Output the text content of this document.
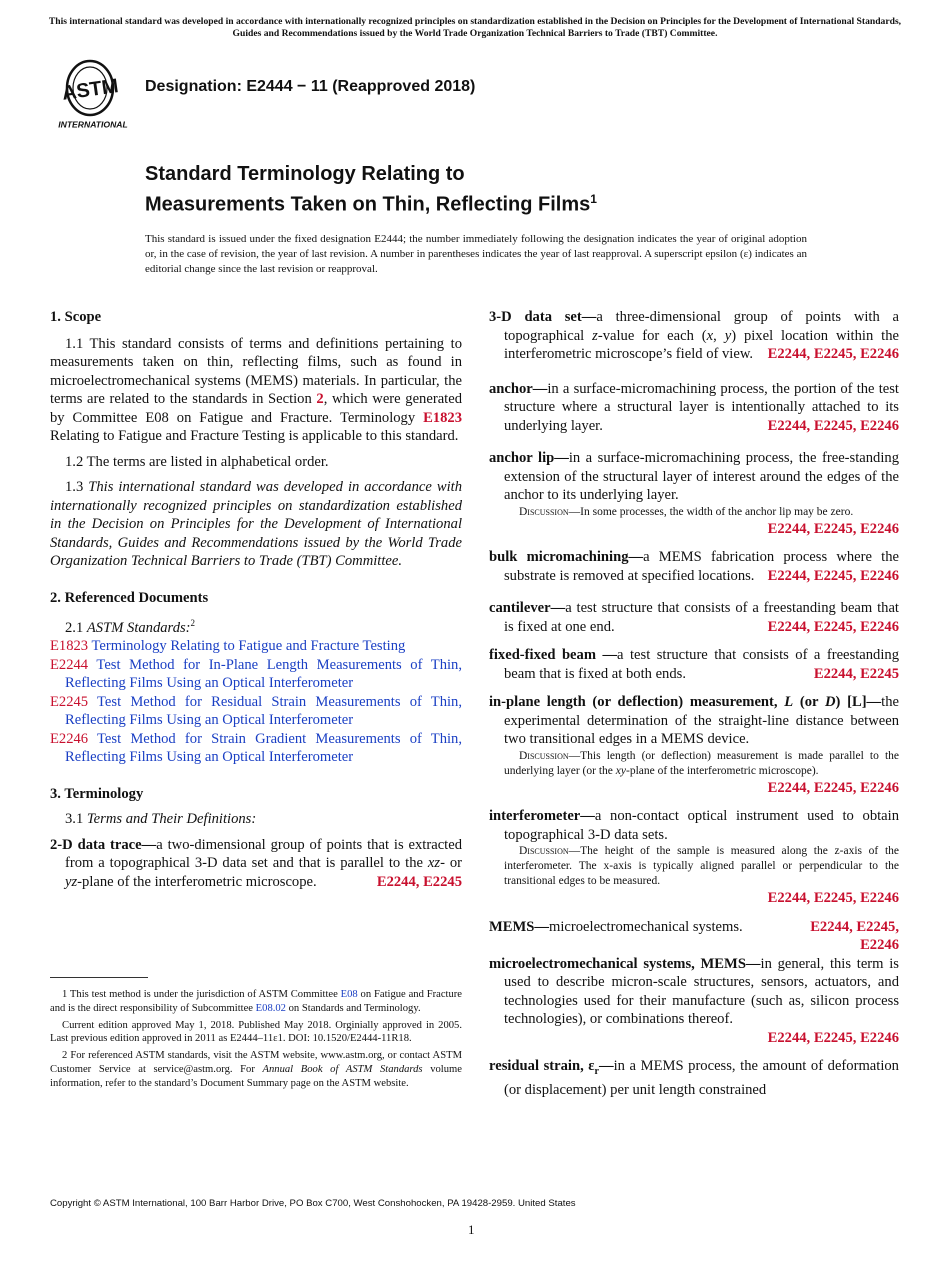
This international standard was developed in accordance with internationally recognized principles on standardization established in the Decision on Principles for the Development of International Standards, Guides and Recommendations issued by the World Trade Organization Technical Barriers to Trade (TBT) Committee.
ASTM
INTERNATIONAL
Designation: E2444 − 11 (Reapproved 2018)
Standard Terminology Relating to
Measurements Taken on Thin, Reflecting Films$^1$
This standard is issued under the fixed designation E2444; the number immediately following the designation indicates the year of original adoption or, in the case of revision, the year of last revision. A number in parentheses indicates the year of last reapproval. A superscript epsilon (ε) indicates an editorial change since the last revision or reapproval.

1. Scope

1.1 This standard consists of terms and definitions pertaining to measurements taken on thin, reflecting films, such as found in microelectromechanical systems (MEMS) materials. In particular, the terms are related to the standards in Section 2, which were generated by Committee E08 on Fatigue and Fracture. Terminology E1823 Relating to Fatigue and Fracture Testing is applicable to this standard.

1.2 The terms are listed in alphabetical order.

1.3 This international standard was developed in accordance with internationally recognized principles on standardization established in the Decision on Principles for the Development of International Standards, Guides and Recommendations issued by the World Trade Organization Technical Barriers to Trade (TBT) Committee.

2. Referenced Documents

2.1 ASTM Standards:$^2$

E1823 Terminology Relating to Fatigue and Fracture Testing

E2244 Test Method for In-Plane Length Measurements of Thin, Reflecting Films Using an Optical Interferometer

E2245 Test Method for Residual Strain Measurements of Thin, Reflecting Films Using an Optical Interferometer

E2246 Test Method for Strain Gradient Measurements of Thin, Reflecting Films Using an Optical Interferometer

3. Terminology

3.1 Terms and Their Definitions:

2-D data trace—a two-dimensional group of points that is extracted from a topographical 3-D data set and that is parallel to the xz- or yz-plane of the interferometric microscope.	E2244, E2245

1 This test method is under the jurisdiction of ASTM Committee E08 on Fatigue and Fracture and is the direct responsibility of Subcommittee E08.02 on Standards and Terminology.

Current edition approved May 1, 2018. Published May 2018. Orginially approved in 2005. Last previous edition approved in 2011 as E2444–11ε1. DOI: 10.1520/E2444-11R18.

2 For referenced ASTM standards, visit the ASTM website, www.astm.org, or contact ASTM Customer Service at service@astm.org. For Annual Book of ASTM Standards volume information, refer to the standard’s Document Summary page on the ASTM website.

3-D data set—a three-dimensional group of points with a topographical z-value for each (x, y) pixel location within the interferometric microscope’s field of view. E2244, E2245, E2246

anchor—in a surface-micromachining process, the portion of the test structure where a structural layer is intentionally attached to its underlying layer.	E2244, E2245, E2246

anchor lip—in a surface-micromachining process, the free-standing extension of the structural layer of interest around the edges of the anchor to its underlying layer.

Discussion—In some processes, the width of the anchor lip may be zero.

E2244, E2245, E2246

bulk micromachining—a MEMS fabrication process where the substrate is removed at specified locations. E2244, E2245, E2246

cantilever—a test structure that consists of a freestanding beam that is fixed at one end.	E2244, E2245, E2246

fixed-fixed beam —a test structure that consists of a freestanding beam that is fixed at both ends.	E2244, E2245

in-plane length (or deflection) measurement, L (or D) [L]—the experimental determination of the straight-line distance between two transitional edges in a MEMS device.

Discussion—This length (or deflection) measurement is made parallel to the underlying layer (or the xy-plane of the interferometric microscope).

E2244, E2245, E2246

interferometer—a non-contact optical instrument used to obtain topographical 3-D data sets.

Discussion—The height of the sample is measured along the z-axis of the interferometer. The x-axis is typically aligned parallel or perpendicular to the transitional edges to be measured.

E2244, E2245, E2246

MEMS—microelectromechanical systems.	E2244, E2245, E2246

microelectromechanical systems, MEMS—in general, this term is used to describe micron-scale structures, sensors, actuators, and technologies used for their manufacture (such as, silicon process technologies), or combinations thereof.

E2244, E2245, E2246

residual strain, $\varepsilon_r—in$ a MEMS process, the amount of deformation (or displacement) per unit length constrained

Copyright © ASTM International, 100 Barr Harbor Drive, PO Box C700, West Conshohocken, PA 19428-2959. United States
1
